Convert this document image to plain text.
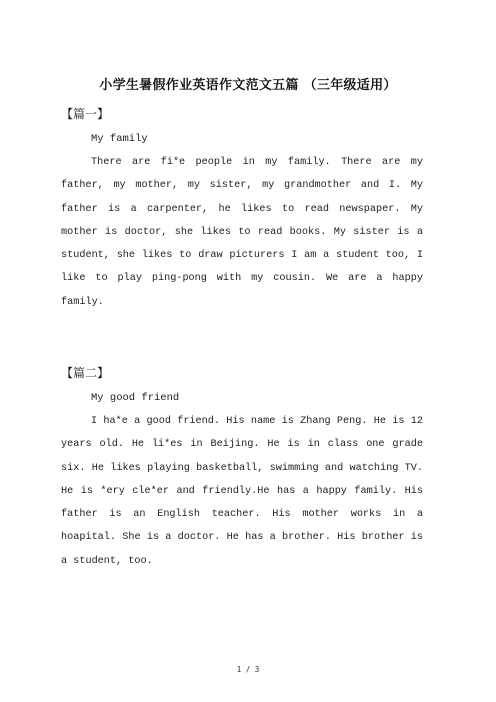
小学生暑假作业英语作文范文五篇 （三年级适用）
【篇一】
My family

There are fi*e people in my family. There are my father, my mother, my sister, my grandmother and I. My father is a carpenter, he likes to read newspaper. My mother is doctor, she likes to read books. My sister is a student, she likes to draw picturers I am a student too, I like to play ping-pong with my cousin. We are a happy family.

【篇二】
My good friend

I ha*e a good friend. His name is Zhang Peng. He is 12 years old. He li*es in Beijing. He is in class one grade six. He likes playing basketball, swimming and watching TV. He is *ery cle*er and friendly.He has a happy family. His father is an English teacher. His mother works in a hoapital. She is a doctor. He has a brother. His brother is a student, too.

1 / 3
